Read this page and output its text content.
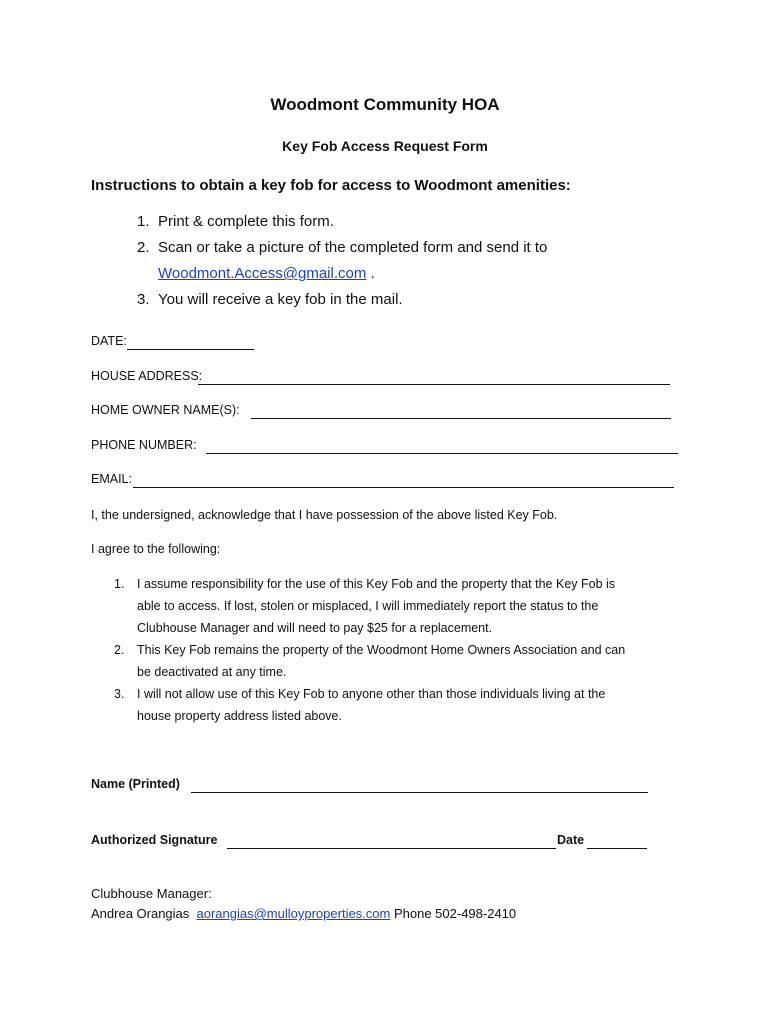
Woodmont Community HOA
Key Fob Access Request Form
Instructions to obtain a key fob for access to Woodmont amenities:
1. Print & complete this form.
2. Scan or take a picture of the completed form and send it to
Woodmont.Access@gmail.com .
3. You will receive a key fob in the mail.
DATE:
HOUSE ADDRESS:
HOME OWNER NAME(S):
PHONE NUMBER:
EMAIL:
I, the undersigned, acknowledge that I have possession of the above listed Key Fob.
I agree to the following:
1. I assume responsibility for the use of this Key Fob and the property that the Key Fob is
able to access. If lost, stolen or misplaced, I will immediately report the status to the
Clubhouse Manager and will need to pay $25 for a replacement.
2. This Key Fob remains the property of the Woodmont Home Owners Association and can
be deactivated at any time.
3. I will not allow use of this Key Fob to anyone other than those individuals living at the
house property address listed above.
Name (Printed)
Authorized Signature	Date
Clubhouse Manager:
Andrea Orangias aorangias@mulloyproperties.com Phone 502-498-2410
